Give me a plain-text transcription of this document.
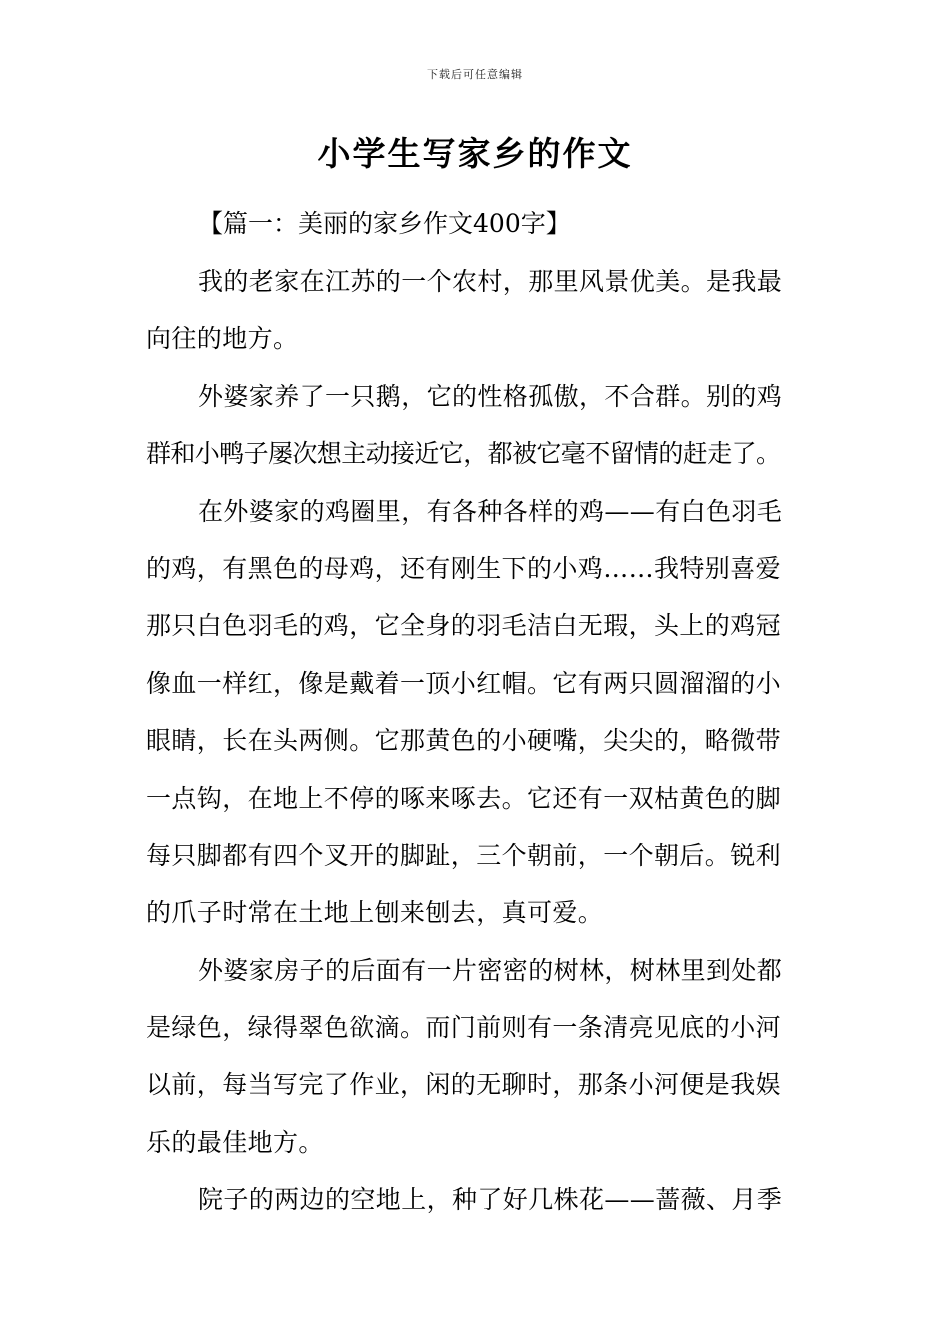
下载后可任意编辑
小学生写家乡的作文
【篇一：美丽的家乡作文400字】
我的老家在江苏的一个农村，那里风景优美。是我最
向往的地方。
外婆家养了一只鹅，它的性格孤傲，不合群。别的鸡
群和小鸭子屡次想主动接近它，都被它毫不留情的赶走了。
在外婆家的鸡圈里，有各种各样的鸡——有白色羽毛
的鸡，有黑色的母鸡，还有刚生下的小鸡……我特别喜爱
那只白色羽毛的鸡，它全身的羽毛洁白无瑕，头上的鸡冠
像血一样红，像是戴着一顶小红帽。它有两只圆溜溜的小
眼睛，长在头两侧。它那黄色的小硬嘴，尖尖的，略微带
一点钩，在地上不停的啄来啄去。它还有一双枯黄色的脚
每只脚都有四个叉开的脚趾，三个朝前，一个朝后。锐利
的爪子时常在土地上刨来刨去，真可爱。
外婆家房子的后面有一片密密的树林，树林里到处都
是绿色，绿得翠色欲滴。而门前则有一条清亮见底的小河
以前，每当写完了作业，闲的无聊时，那条小河便是我娱
乐的最佳地方。
院子的两边的空地上，种了好几株花——蔷薇、月季
